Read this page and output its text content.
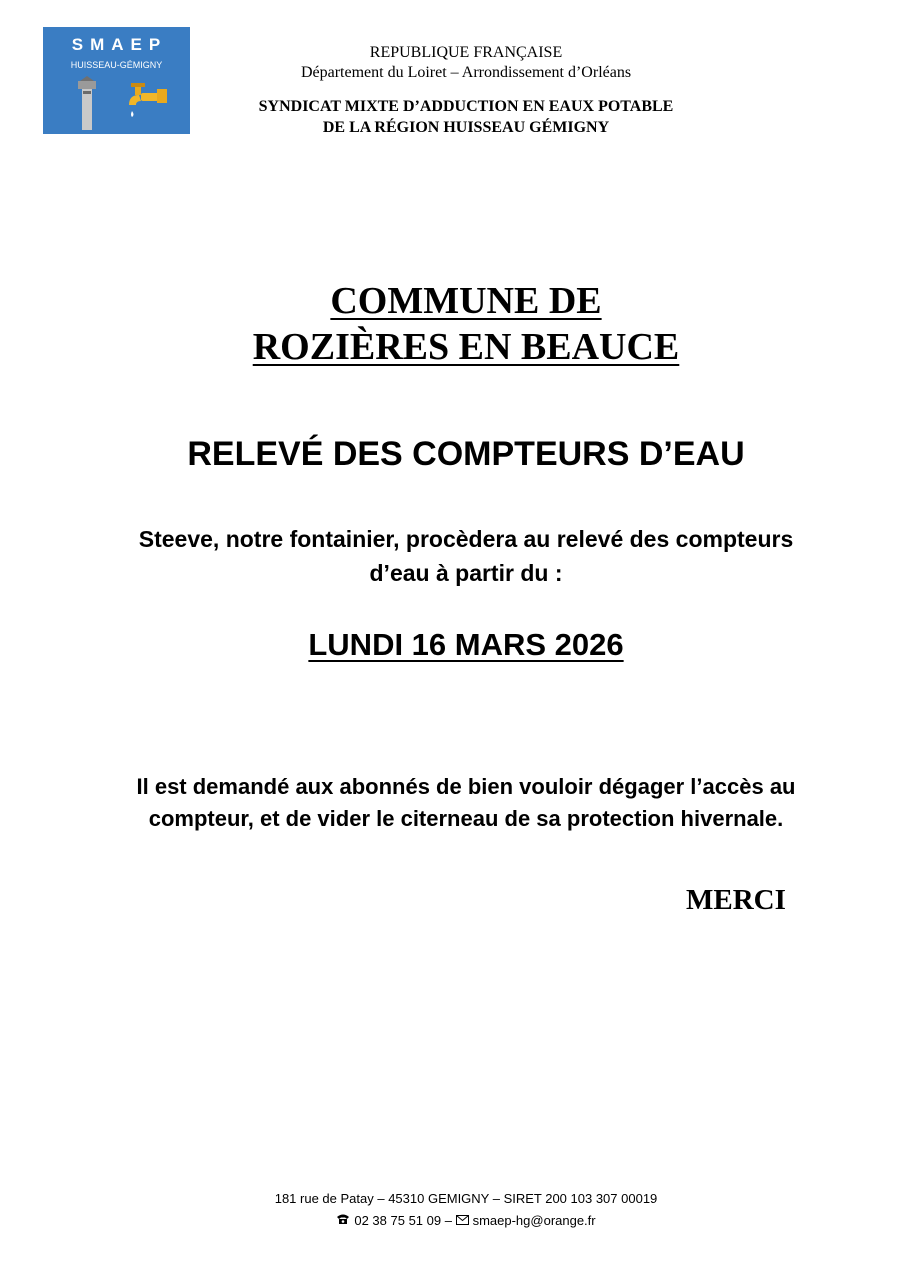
SMAEP
HUISSEAU-GÉMIGNY
REPUBLIQUE FRANÇAISE
Département du Loiret – Arrondissement d’Orléans
SYNDICAT MIXTE D’ADDUCTION EN EAUX POTABLE
DE LA RÉGION HUISSEAU GÉMIGNY
COMMUNE DE
ROZIÈRES EN BEAUCE
RELEVÉ DES COMPTEURS D’EAU
Steeve, notre fontainier, procèdera au relevé des compteurs
d’eau à partir du :
LUNDI 16 MARS 2026
Il est demandé aux abonnés de bien vouloir dégager l’accès au
compteur, et de vider le citerneau de sa protection hivernale.
MERCI
181 rue de Patay – 45310 GEMIGNY – SIRET 200 103 307 00019
02 38 75 51 09 – smaep-hg@orange.fr
